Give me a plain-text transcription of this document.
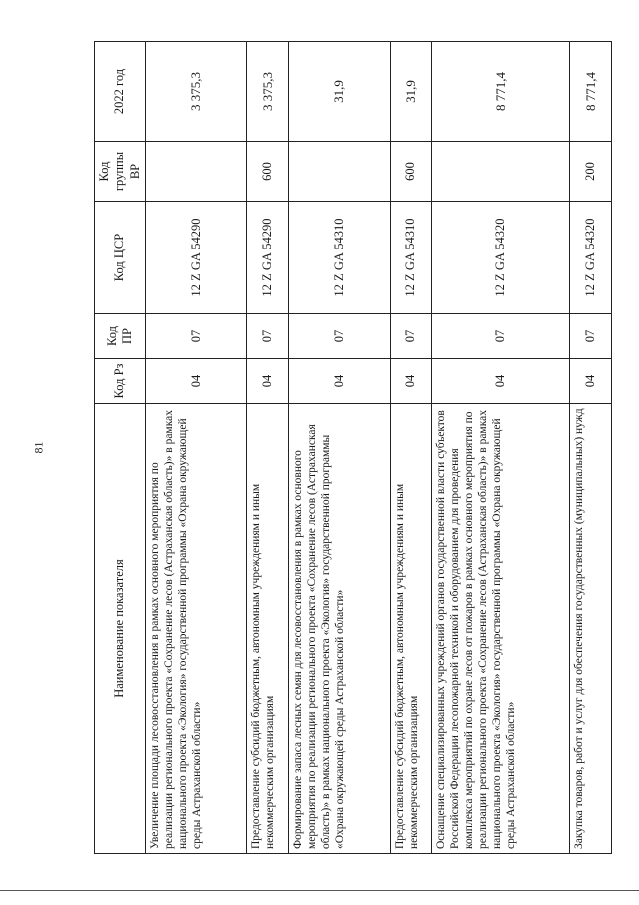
81
Наименование показателя	Код Рз	Код ПР	Код ЦСР	Код группы ВР	2022 год
Увеличение площади лесовосстановления в рамках основного мероприятия по реализации регионального проекта «Сохранение лесов (Астраханская область)» в рамках национального проекта «Экология» государственной программы «Охрана окружающей среды Астраханской области»	04	07	12 Z GA 54290		3 375,3
Предоставление субсидий бюджетным, автономным учреждениям и иным некоммерческим организациям	04	07	12 Z GA 54290	600	3 375,3
Формирование запаса лесных семян для лесовосстановления в рамках основного мероприятия по реализации регионального проекта «Сохранение лесов (Астраханская область)» в рамках национального проекта «Экология» государственной программы «Охрана окружающей среды Астраханской области»	04	07	12 Z GA 54310		31,9
Предоставление субсидий бюджетным, автономным учреждениям и иным некоммерческим организациям	04	07	12 Z GA 54310	600	31,9
Оснащение специализированных учреждений органов государственной власти субъектов Российской Федерации лесопожарной техникой и оборудованием для проведения комплекса мероприятий по охране лесов от пожаров в рамках основного мероприятия по реализации регионального проекта «Сохранение лесов (Астраханская область)» в рамках национального проекта «Экология» государственной программы «Охрана окружающей среды Астраханской области»	04	07	12 Z GA 54320		8 771,4
Закупка товаров, работ и услуг для обеспечения государственных (муниципальных) нужд	04	07	12 Z GA 54320	200	8 771,4
